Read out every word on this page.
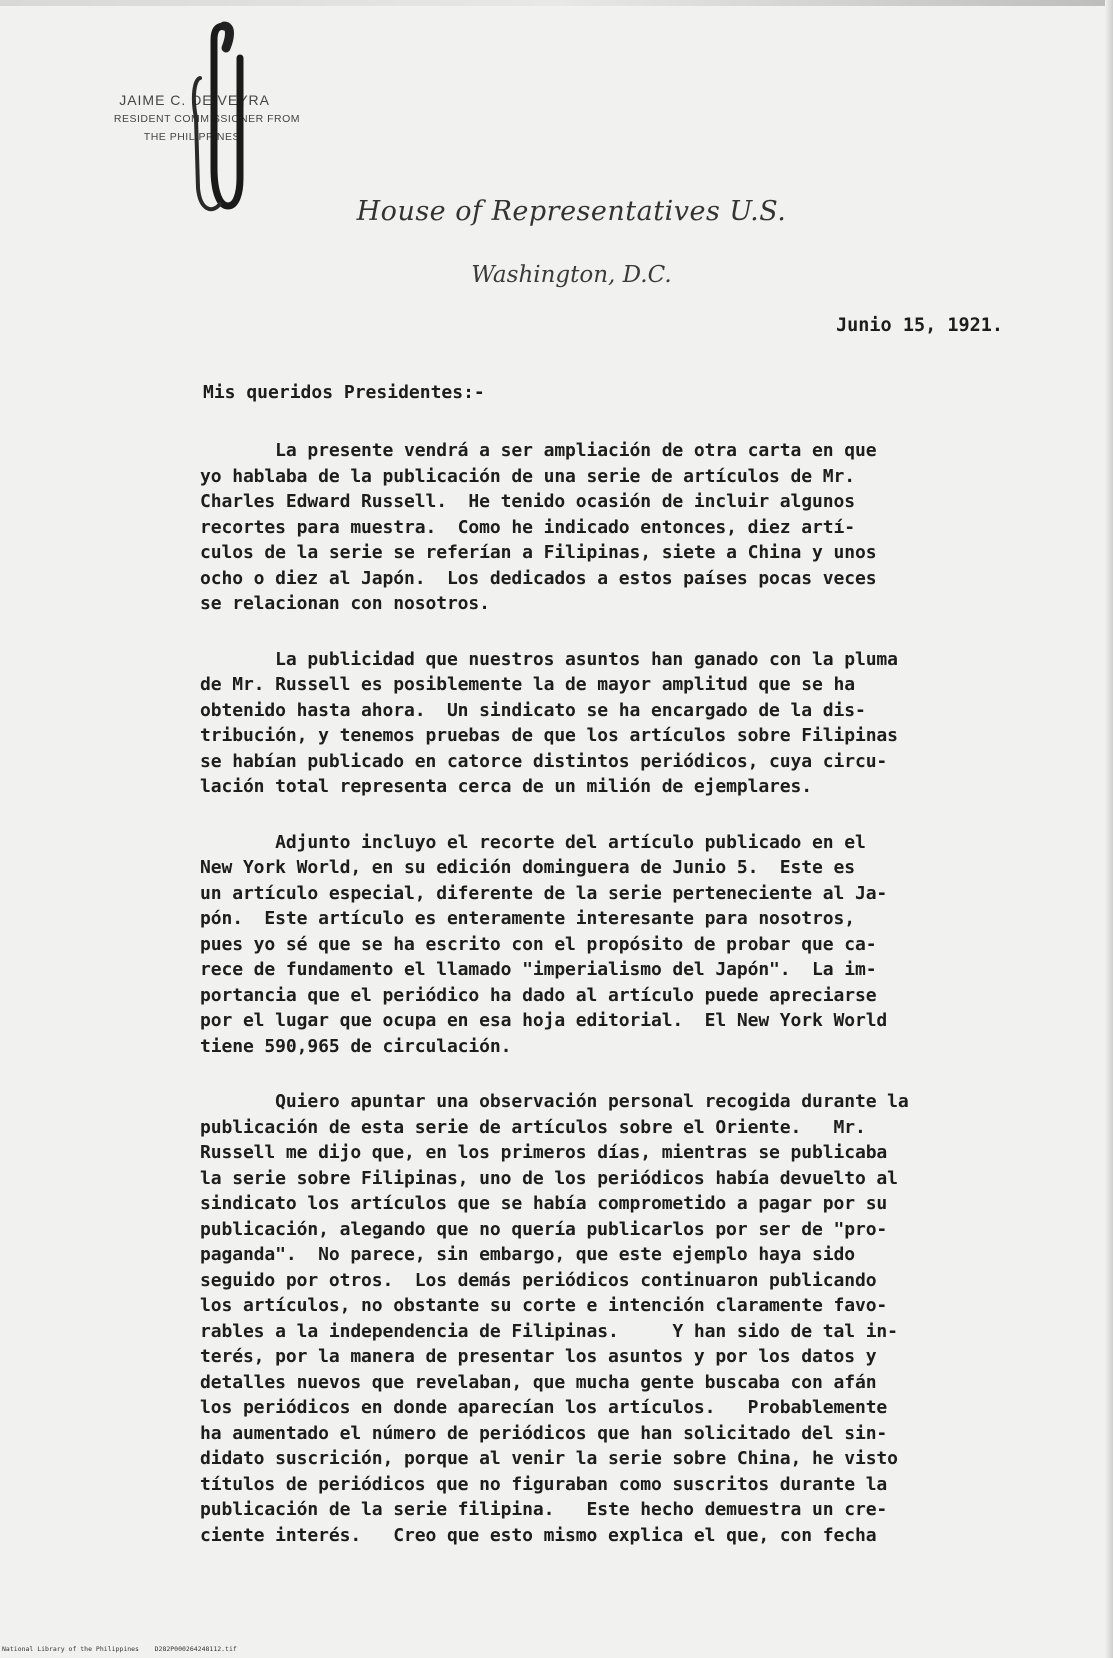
JAIME C. DE VEYRA
RESIDENT COMMISSIONER FROM
THE PHILIPPINES
House of Representatives U.S.
Washington, D.C.
Junio 15, 1921.
Mis queridos Presidentes:-
La presente vendrá a ser ampliación de otra carta en que
yo hablaba de la publicación de una serie de artículos de Mr.
Charles Edward Russell.  He tenido ocasión de incluir algunos
recortes para muestra.  Como he indicado entonces, diez artí-
culos de la serie se referían a Filipinas, siete a China y unos
ocho o diez al Japón.  Los dedicados a estos países pocas veces
se relacionan con nosotros.
La publicidad que nuestros asuntos han ganado con la pluma
de Mr. Russell es posiblemente la de mayor amplitud que se ha
obtenido hasta ahora.  Un sindicato se ha encargado de la dis-
tribución, y tenemos pruebas de que los artículos sobre Filipinas
se habían publicado en catorce distintos periódicos, cuya circu-
lación total representa cerca de un milión de ejemplares.
Adjunto incluyo el recorte del artículo publicado en el
New York World, en su edición dominguera de Junio 5.  Este es
un artículo especial, diferente de la serie perteneciente al Ja-
pón.  Este artículo es enteramente interesante para nosotros,
pues yo sé que se ha escrito con el propósito de probar que ca-
rece de fundamento el llamado "imperialismo del Japón".  La im-
portancia que el periódico ha dado al artículo puede apreciarse
por el lugar que ocupa en esa hoja editorial.  El New York World
tiene 590,965 de circulación.
Quiero apuntar una observación personal recogida durante la
publicación de esta serie de artículos sobre el Oriente.   Mr.
Russell me dijo que, en los primeros días, mientras se publicaba
la serie sobre Filipinas, uno de los periódicos había devuelto al
sindicato los artículos que se había comprometido a pagar por su
publicación, alegando que no quería publicarlos por ser de "pro-
paganda".  No parece, sin embargo, que este ejemplo haya sido
seguido por otros.  Los demás periódicos continuaron publicando
los artículos, no obstante su corte e intención claramente favo-
rables a la independencia de Filipinas.     Y han sido de tal in-
terés, por la manera de presentar los asuntos y por los datos y
detalles nuevos que revelaban, que mucha gente buscaba con afán
los periódicos en donde aparecían los artículos.   Probablemente
ha aumentado el número de periódicos que han solicitado del sin-
didato suscrición, porque al venir la serie sobre China, he visto
títulos de periódicos que no figuraban como suscritos durante la
publicación de la serie filipina.   Este hecho demuestra un cre-
ciente interés.   Creo que esto mismo explica el que, con fecha
National Library of the Philippines    D282P000264248112.tif
